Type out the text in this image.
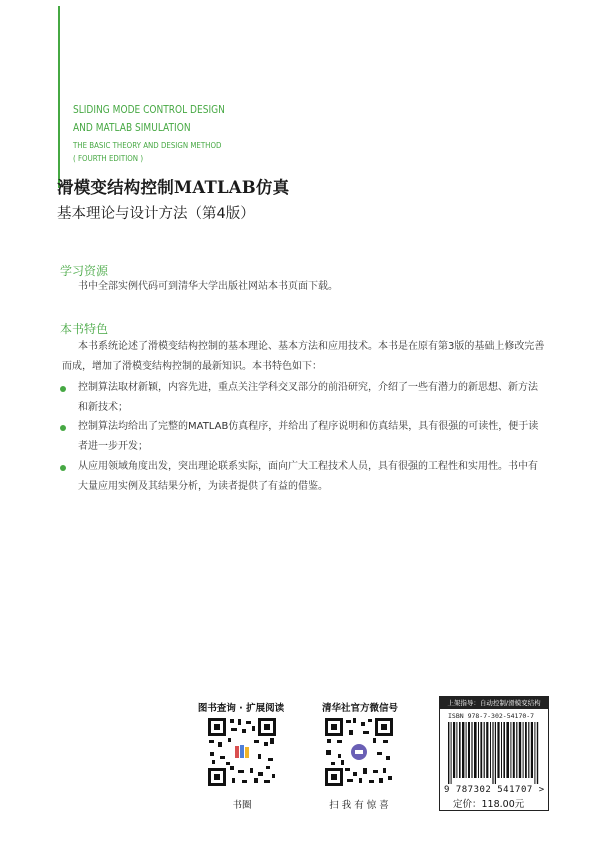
SLIDING MODE CONTROL DESIGN
AND MATLAB SIMULATION
THE BASIC THEORY AND DESIGN METHOD
( FOURTH EDITION )
滑模变结构控制MATLAB仿真
基本理论与设计方法（第4版）
学习资源
书中全部实例代码可到清华大学出版社网站本书页面下载。
本书特色
本书系统论述了滑模变结构控制的基本理论、基本方法和应用技术。本书是在原有第3版的基础上修改完善
而成，增加了滑模变结构控制的最新知识。本书特色如下：
控制算法取材新颖，内容先进，重点关注学科交叉部分的前沿研究，介绍了一些有潜力的新思想、新方法
和新技术；
控制算法均给出了完整的MATLAB仿真程序，并给出了程序说明和仿真结果，具有很强的可读性，便于读
者进一步开发；
从应用领域角度出发，突出理论联系实际，面向广大工程技术人员，具有很强的工程性和实用性。书中有
大量应用实例及其结果分析，为读者提供了有益的借鉴。
图书查询 · 扩展阅读
书圈
清华社官方微信号
扫 我 有 惊 喜
上架指导：自动控制/滑模变结构
ISBN 978-7-302-54170-7
9 787302 541707 >
定价：118.00元
